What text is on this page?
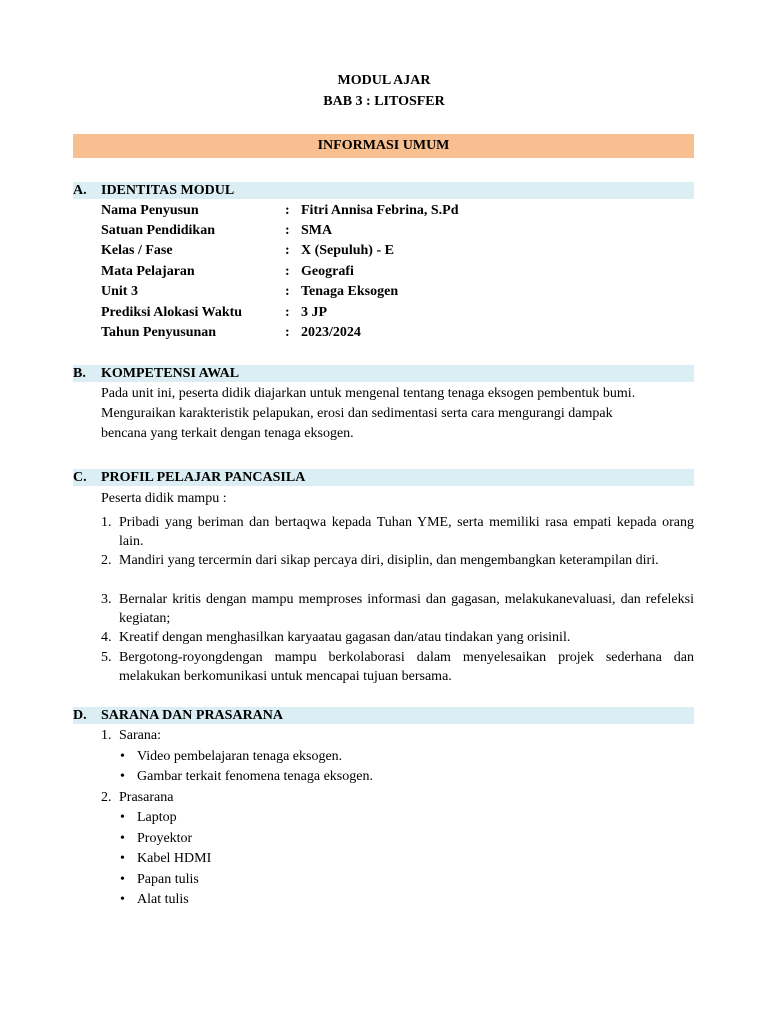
MODUL AJAR
BAB 3 : LITOSFER
INFORMASI UMUM
A. IDENTITAS MODUL
Nama Penyusun	: Fitri Annisa Febrina, S.Pd
Satuan Pendidikan	: SMA
Kelas / Fase	: X (Sepuluh) - E
Mata Pelajaran	: Geografi
Unit 3	: Tenaga Eksogen
Prediksi Alokasi Waktu	: 3 JP
Tahun Penyusunan	: 2023/2024
B. KOMPETENSI AWAL
Pada unit ini, peserta didik diajarkan untuk mengenal tentang tenaga eksogen pembentuk bumi.
Menguraikan karakteristik pelapukan, erosi dan sedimentasi serta cara mengurangi dampak
bencana yang terkait dengan tenaga eksogen.
C. PROFIL PELAJAR PANCASILA
Peserta didik mampu :
1. Pribadi yang beriman dan bertaqwa kepada Tuhan YME, serta memiliki rasa empati kepada orang lain.
2. Mandiri yang tercermin dari sikap percaya diri, disiplin, dan mengembangkan keterampilan diri.
3. Bernalar kritis dengan mampu memproses informasi dan gagasan, melakukanevaluasi, dan refeleksi kegiatan;
4. Kreatif dengan menghasilkan karyaatau gagasan dan/atau tindakan yang orisinil.
5. Bergotong-royongdengan mampu berkolaborasi dalam menyelesaikan projek sederhana dan melakukan berkomunikasi untuk mencapai tujuan bersama.
D. SARANA DAN PRASARANA
1. Sarana:
• Video pembelajaran tenaga eksogen.
• Gambar terkait fenomena tenaga eksogen.
2. Prasarana
• Laptop
• Proyektor
• Kabel HDMI
• Papan tulis
• Alat tulis
